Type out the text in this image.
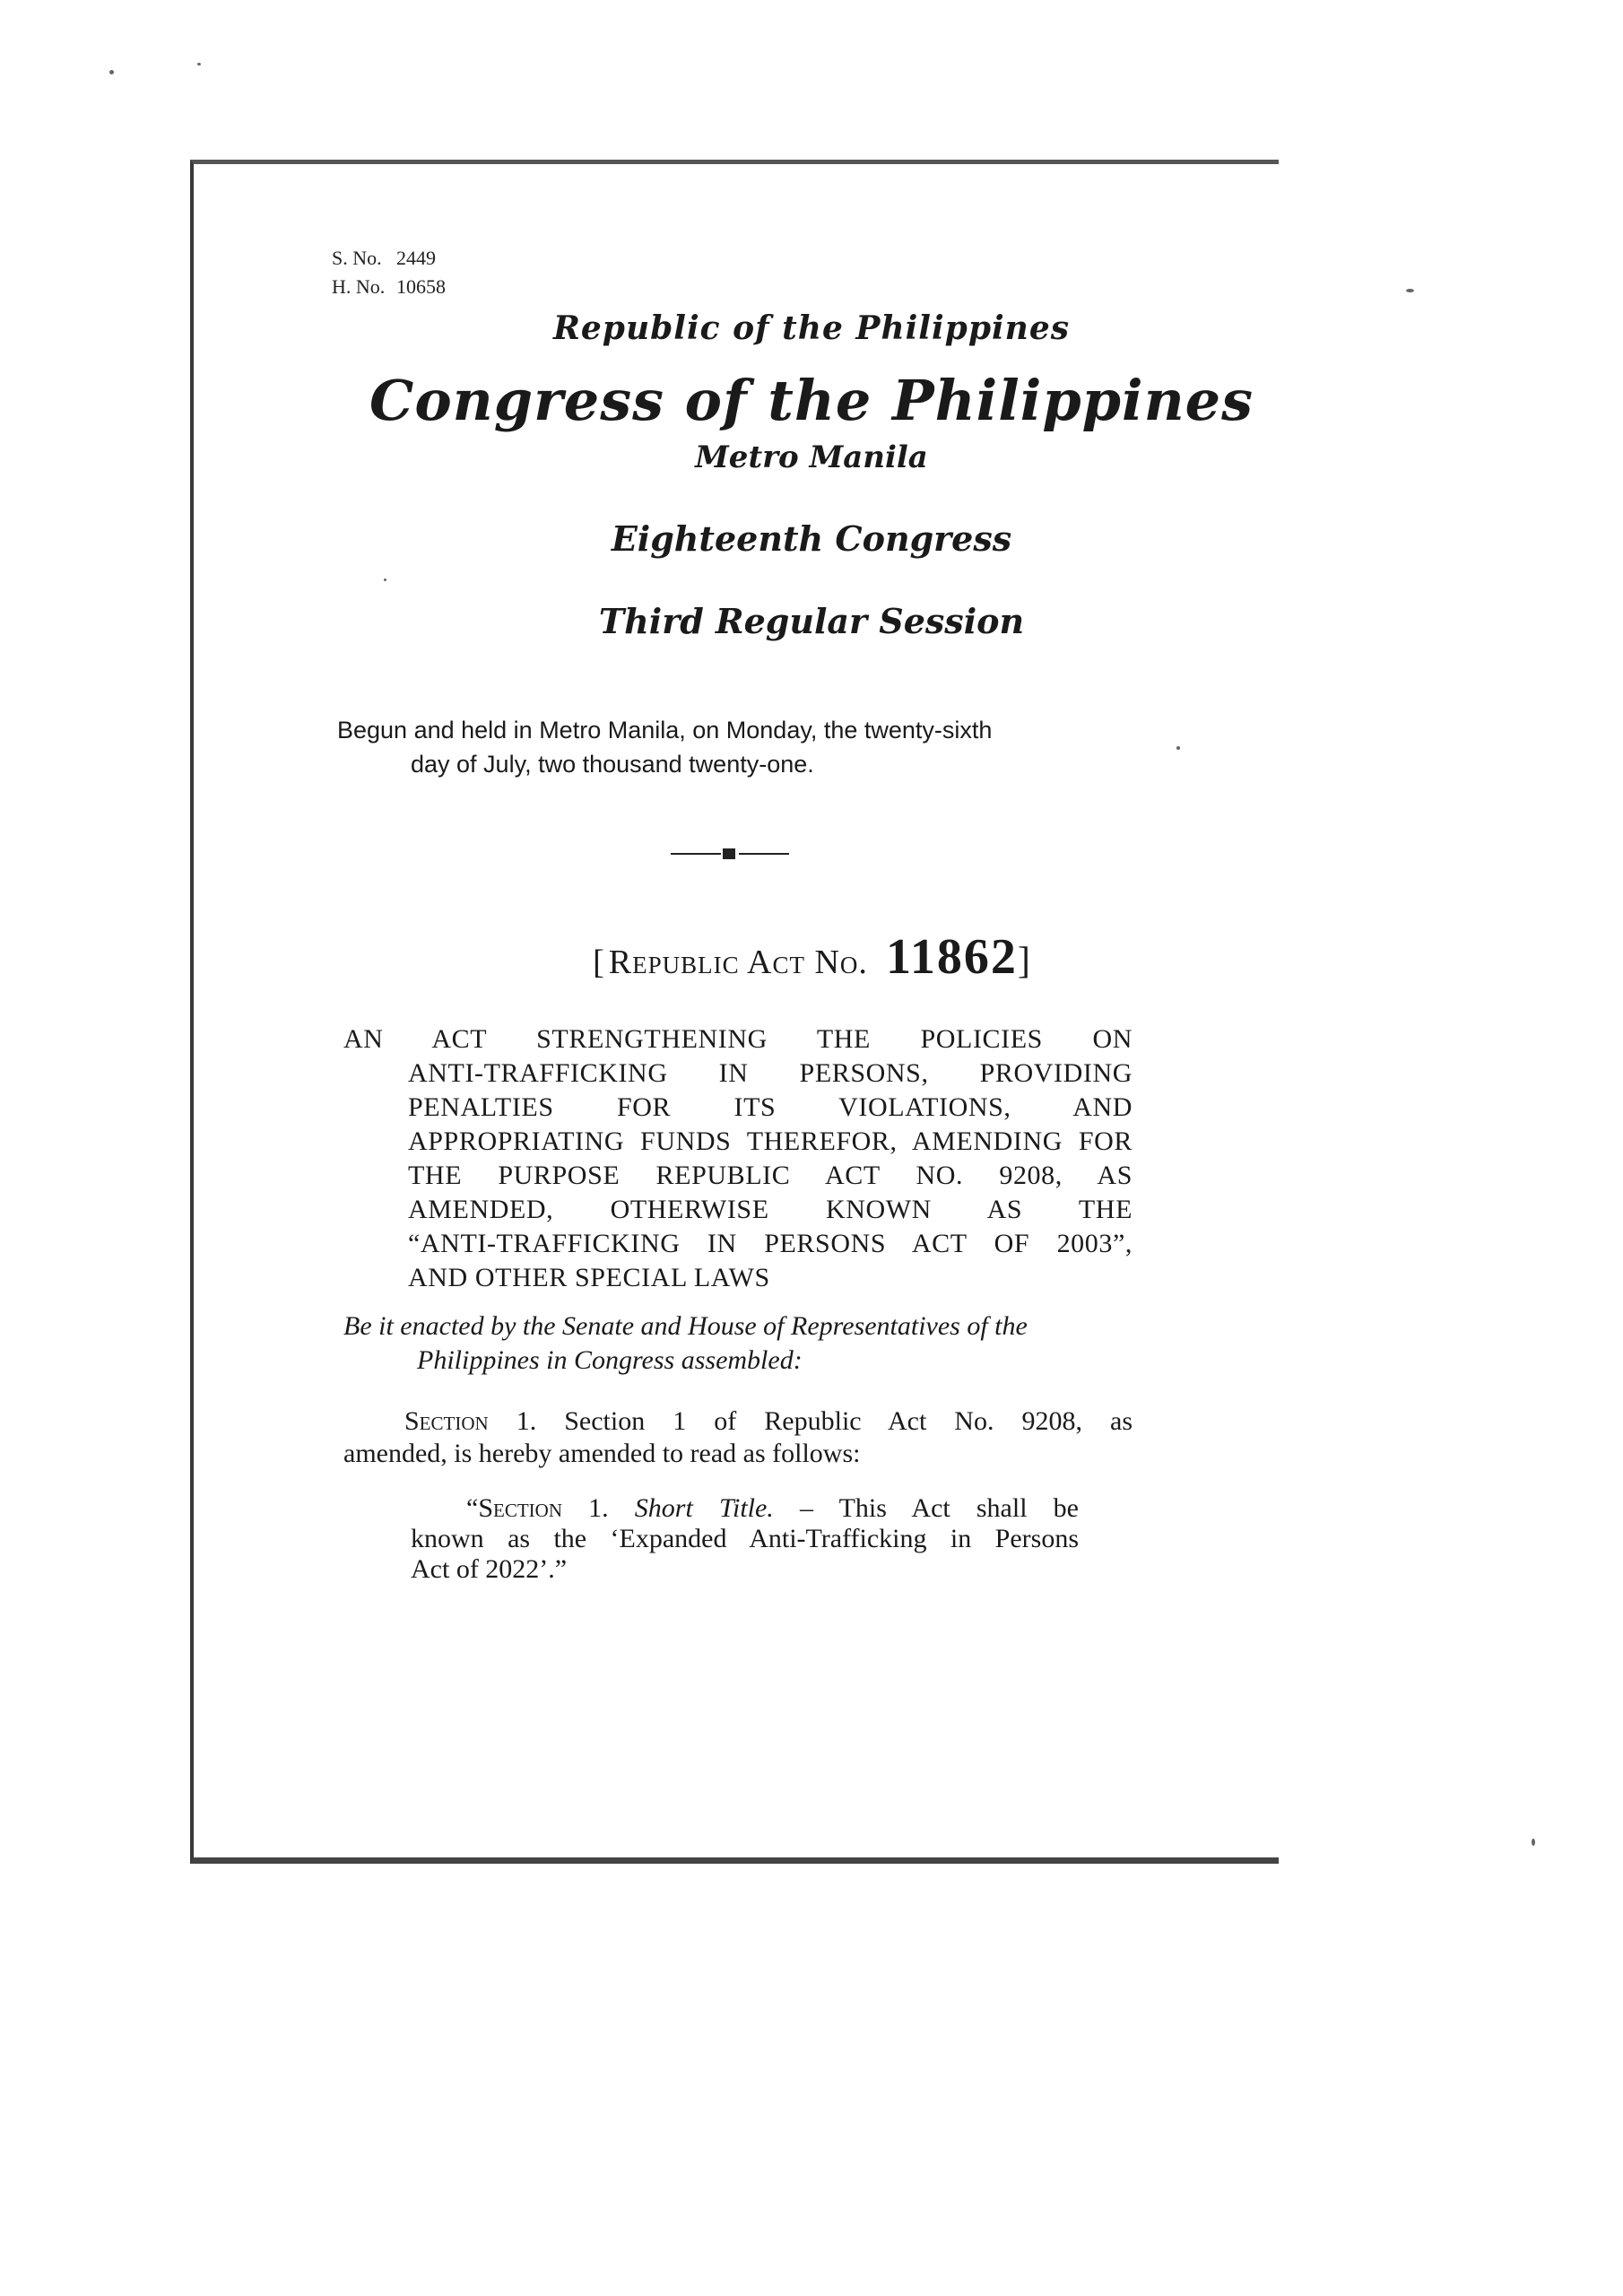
S. No. 2449
H. No. 10658
Republic of the Philippines
Congress of the Philippines
Metro Manila
Eighteenth Congress
Third Regular Session
Begun and held in Metro Manila, on Monday, the twenty-sixth
day of July, two thousand twenty-one.
[ Republic Act No. 11862]
AN ACT STRENGTHENING THE POLICIES ON
ANTI-TRAFFICKING IN PERSONS, PROVIDING
PENALTIES FOR ITS VIOLATIONS, AND
APPROPRIATING FUNDS THEREFOR, AMENDING FOR
THE PURPOSE REPUBLIC ACT NO. 9208, AS
AMENDED, OTHERWISE KNOWN AS THE
“ANTI-TRAFFICKING IN PERSONS ACT OF 2003”,
AND OTHER SPECIAL LAWS
Be it enacted by the Senate and House of Representatives of the
Philippines in Congress assembled:
Section 1. Section 1 of Republic Act No. 9208, as
amended, is hereby amended to read as follows:
“Section 1. Short Title. – This Act shall be
known as the ‘Expanded Anti-Trafficking in Persons
Act of 2022’.”
